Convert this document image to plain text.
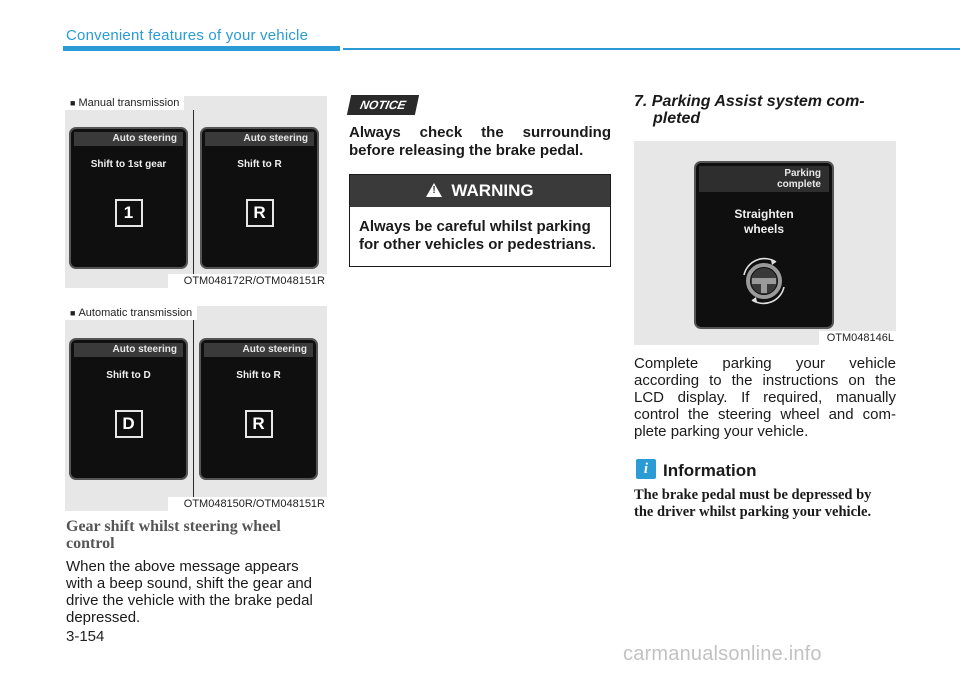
Convenient features of your vehicle
■ Manual transmission
Auto steering
Shift to 1st gear
1
Auto steering
Shift to R
R
OTM048172R/OTM048151R
■ Automatic transmission
Auto steering
Shift to D
D
Auto steering
Shift to R
R
OTM048150R/OTM048151R
Gear shift whilst steering wheel
control
When the above message appears
with a beep sound, shift the gear and
drive the vehicle with the brake pedal
depressed.
NOTICE
Always check the surrounding
before releasing the brake pedal.
!WARNING
Always be careful whilst parking
for other vehicles or pedestrians.
7. Parking Assist system com-
pleted
Parking
complete
Straighten
wheels
OTM048146L
Complete parking your vehicle
according to the instructions on the
LCD display. If required, manually
control the steering wheel and com-
plete parking your vehicle.
i Information
The brake pedal must be depressed by
the driver whilst parking your vehicle.
3-154
carmanualsonline.info
